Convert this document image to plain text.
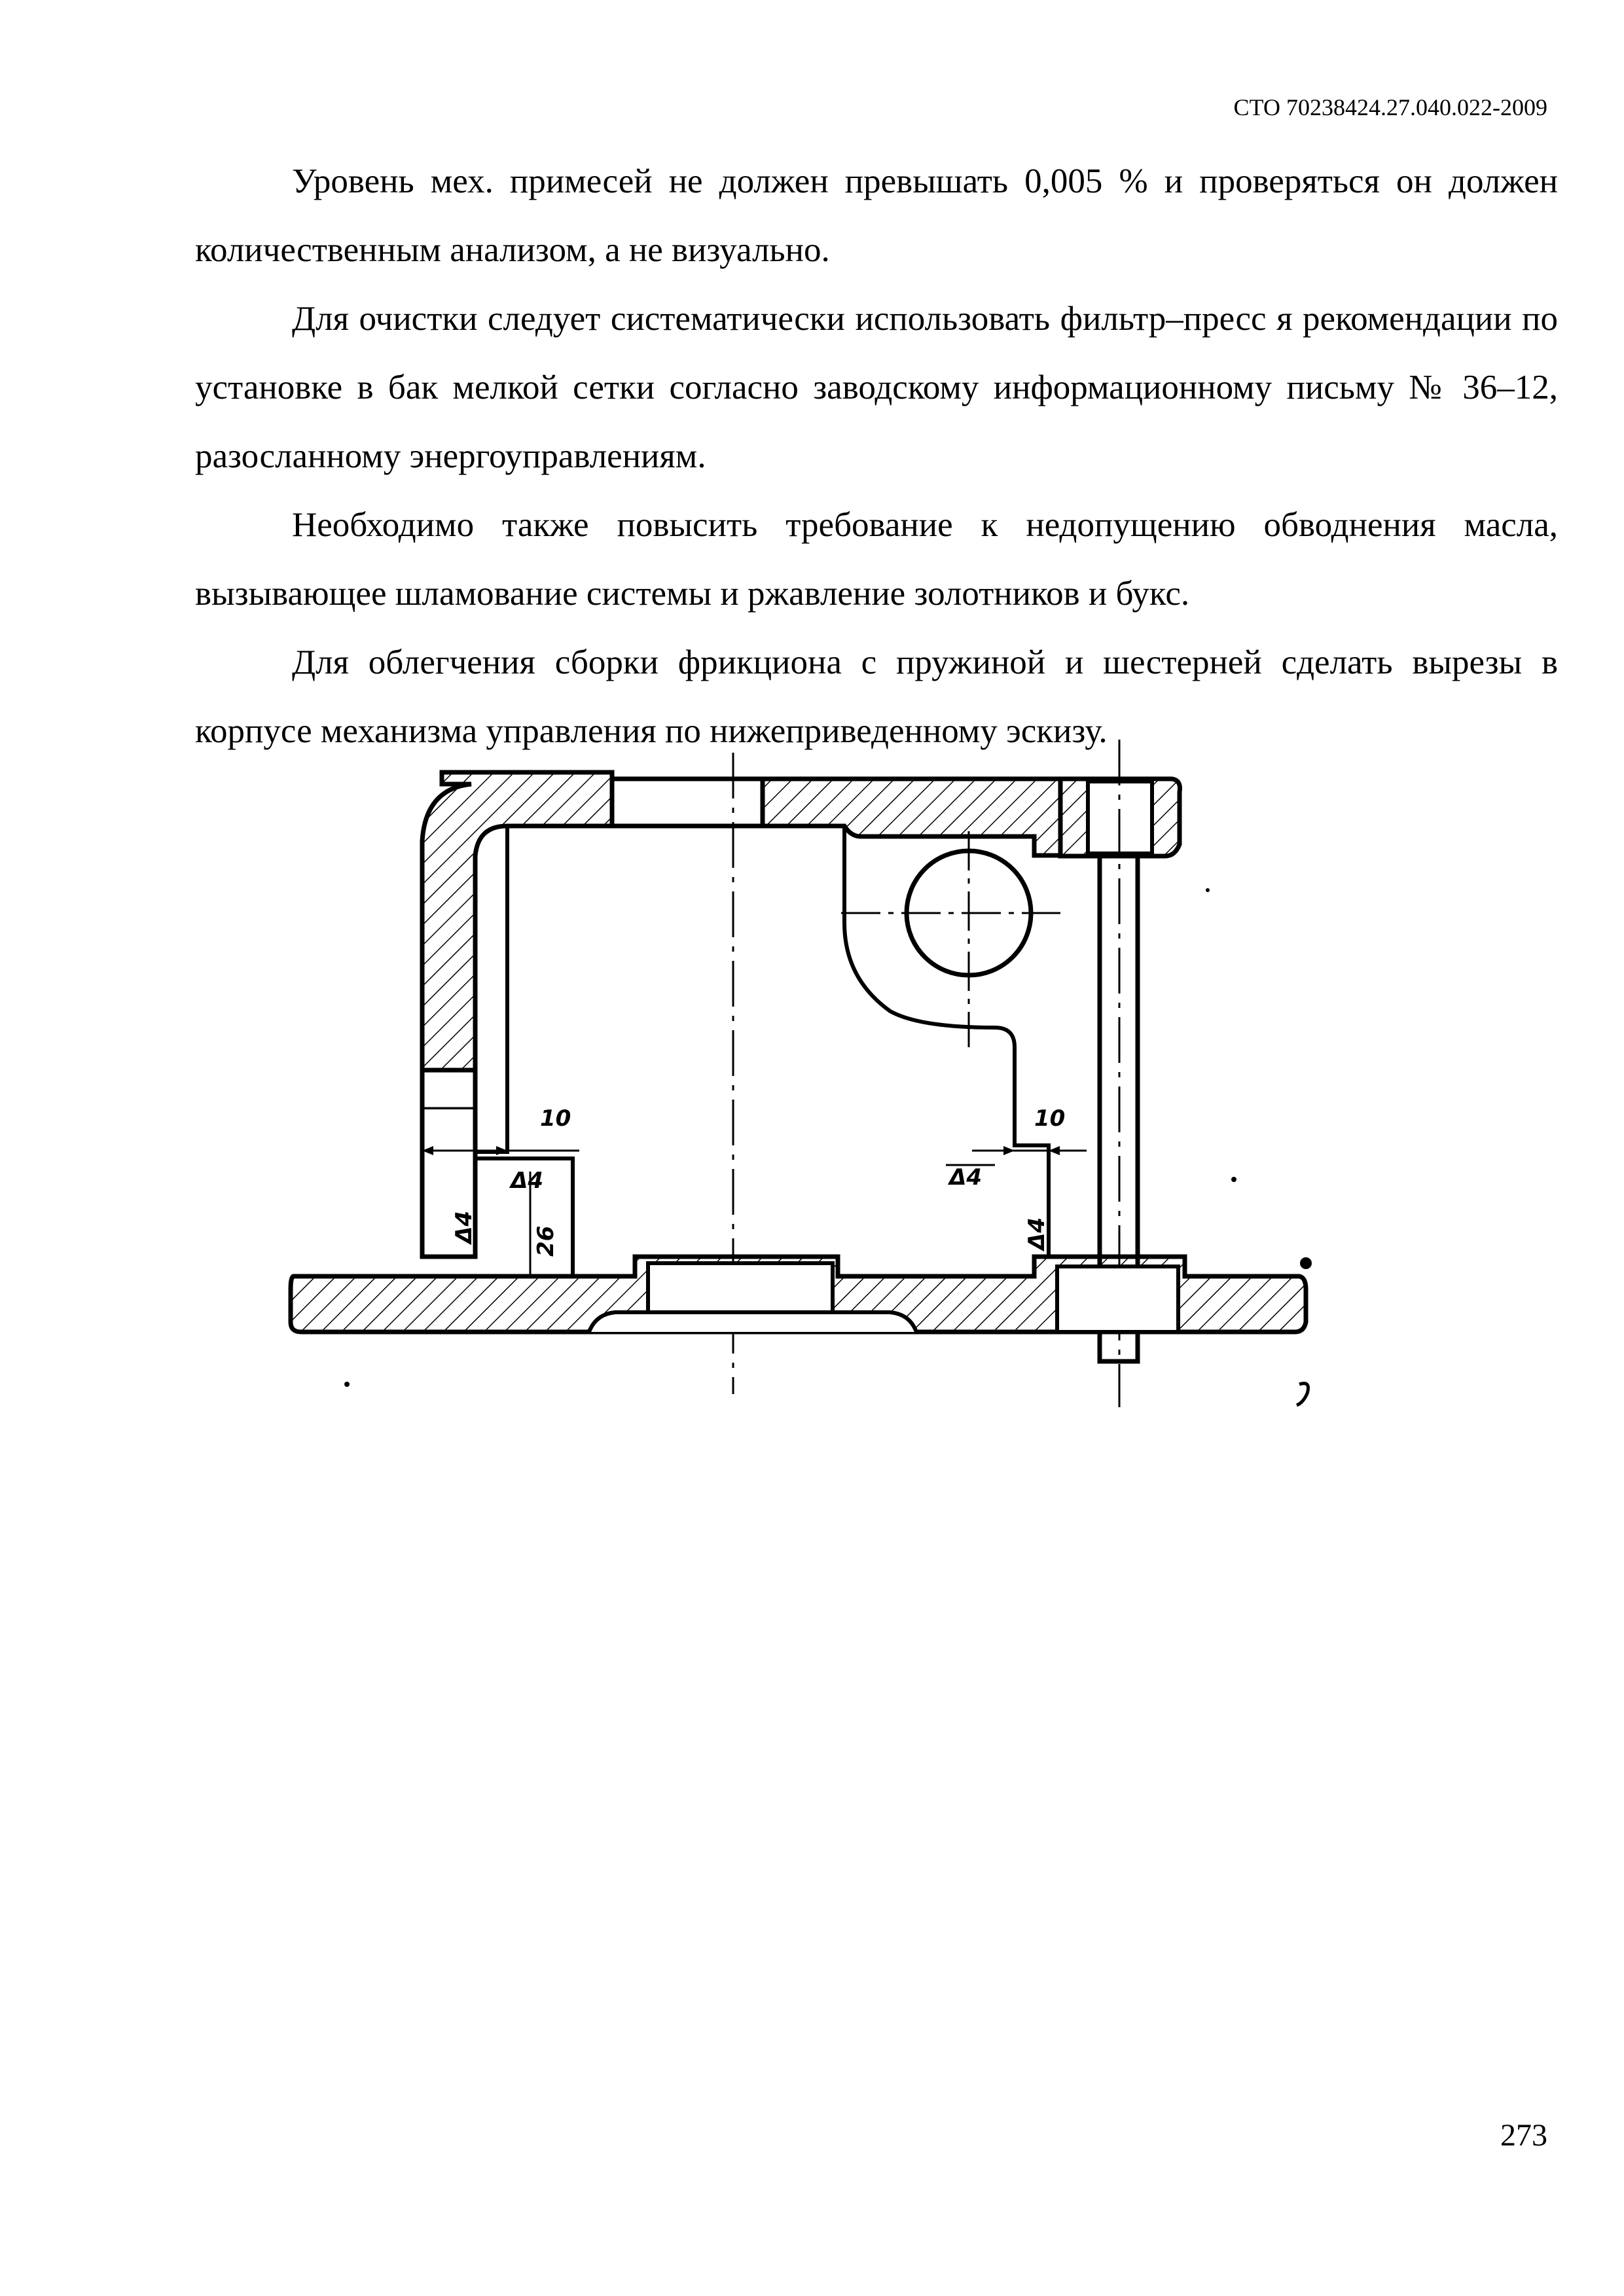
СТО 70238424.27.040.022-2009

Уровень мех. примесей не должен превышать 0,005 % и проверяться он должен количественным анализом, а не визуально.

Для очистки следует систематически использовать фильтр–пресс я рекомендации по установке в бак мелкой сетки согласно заводскому информационному письму № 36–12, разосланному энергоуправлениям.

Необходимо также повысить требование к недопущению обводнения масла, вызывающее шламование системы и ржавление золотников и букс.

Для облегчения сборки фрикциона с пружиной и шестерней сделать вырезы в корпусе механизма управления по нижеприведенному эскизу.

10	10
Δ4
Δ4
26
Δ4
Δ4
273
